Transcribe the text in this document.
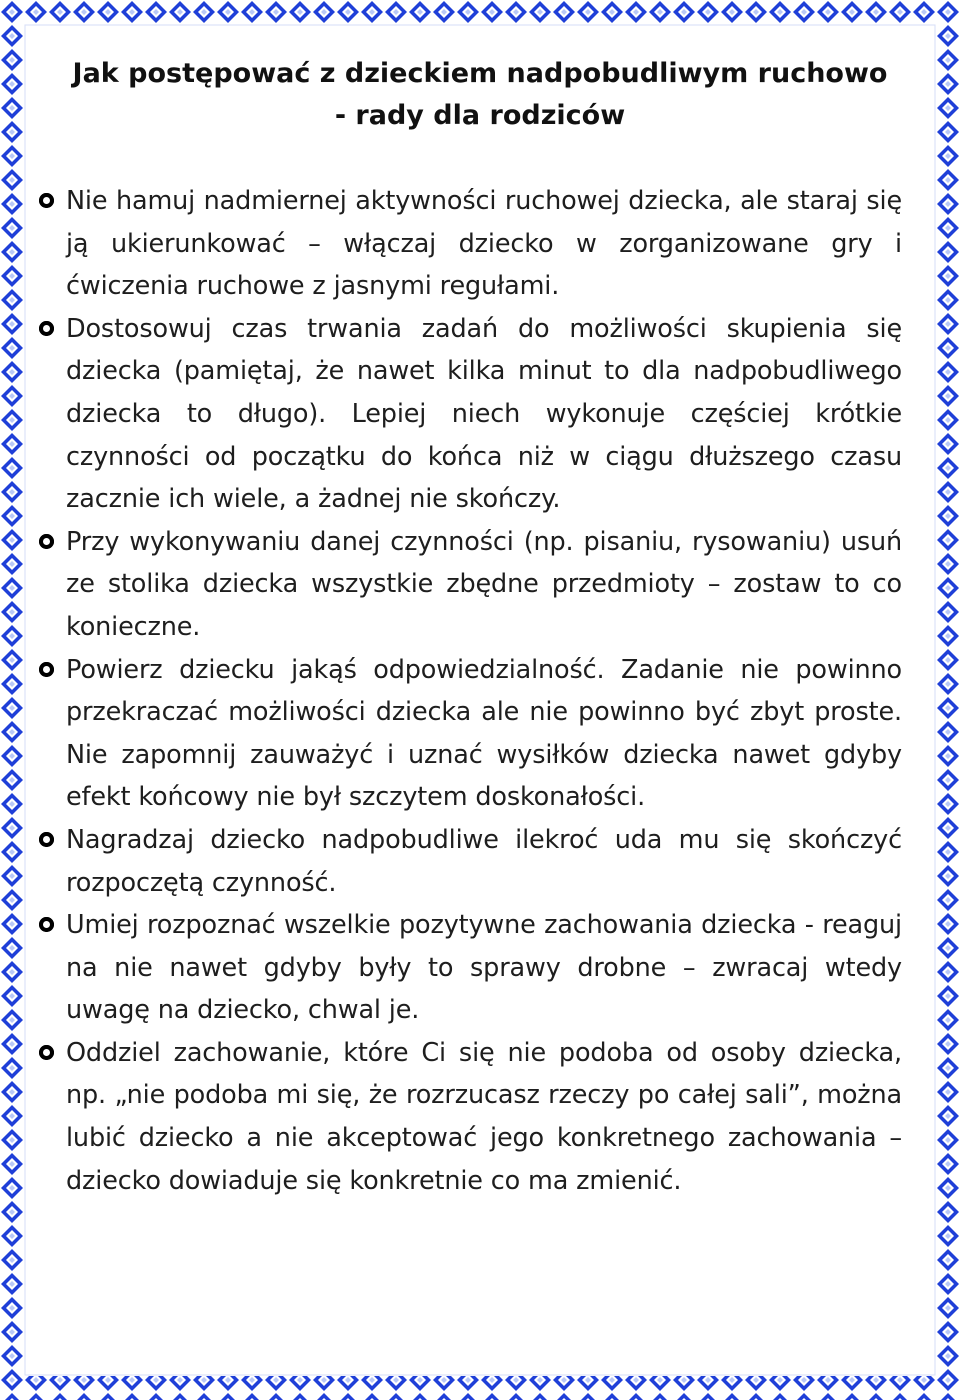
Jak postępować z dzieckiem nadpobudliwym ruchowo
- rady dla rodziców
Nie hamuj nadmiernej aktywności ruchowej dziecka, ale staraj się ją ukierunkować – włączaj dziecko w zorganizowane gry i ćwiczenia ruchowe z jasnymi regułami.
Dostosowuj czas trwania zadań do możliwości skupienia się dziecka (pamiętaj, że nawet kilka minut to dla nadpobudliwego dziecka to długo). Lepiej niech wykonuje częściej krótkie czynności od początku do końca niż w ciągu dłuższego czasu zacznie ich wiele, a żadnej nie skończy.
Przy wykonywaniu danej czynności (np. pisaniu, rysowaniu) usuń ze stolika dziecka wszystkie zbędne przedmioty – zostaw to co konieczne.
Powierz dziecku jakąś odpowiedzialność. Zadanie nie powinno przekraczać możliwości dziecka ale nie powinno być zbyt proste. Nie zapomnij zauważyć i uznać wysiłków dziecka nawet gdyby efekt końcowy nie był szczytem doskonałości.
Nagradzaj dziecko nadpobudliwe ilekroć uda mu się skończyć rozpoczętą czynność.
Umiej rozpoznać wszelkie pozytywne zachowania dziecka - reaguj na nie nawet gdyby były to sprawy drobne – zwracaj wtedy uwagę na dziecko, chwal je.
Oddziel zachowanie, które Ci się nie podoba od osoby dziecka, np. „nie podoba mi się, że rozrzucasz rzeczy po całej sali”, można lubić dziecko a nie akceptować jego konkretnego zachowania – dziecko dowiaduje się konkretnie co ma zmienić.
